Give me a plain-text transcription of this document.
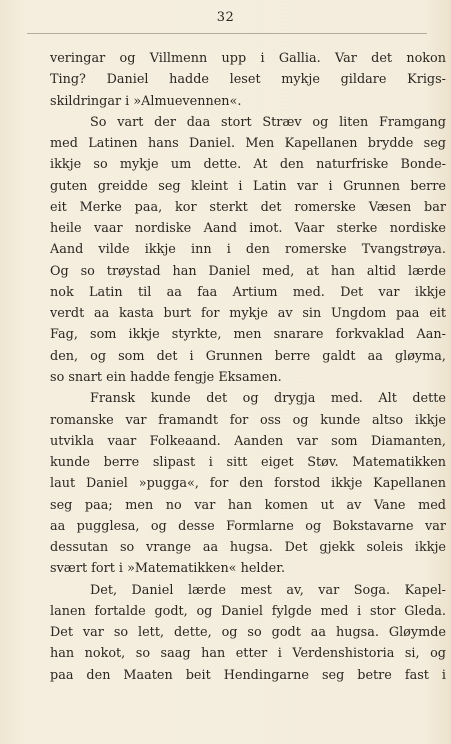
32
veringar og Villmenn upp i Gallia. Var det nokon
Ting? Daniel hadde leset mykje gildare Krigs-
skildringar i »Almuevennen«.
So vart der daa stort Stræv og liten Framgang
med Latinen hans Daniel. Men Kapellanen brydde seg
ikkje so mykje um dette. At den naturfriske Bonde-
guten greidde seg kleint i Latin var i Grunnen berre
eit Merke paa, kor sterkt det romerske Væsen bar
heile vaar nordiske Aand imot. Vaar sterke nordiske
Aand vilde ikkje inn i den romerske Tvangstrøya.
Og so trøystad han Daniel med, at han altid lærde
nok Latin til aa faa Artium med. Det var ikkje
verdt aa kasta burt for mykje av sin Ungdom paa eit
Fag, som ikkje styrkte, men snarare forkvaklad Aan-
den, og som det i Grunnen berre galdt aa gløyma,
so snart ein hadde fengje Eksamen.
Fransk kunde det og drygja med. Alt dette
romanske var framandt for oss og kunde altso ikkje
utvikla vaar Folkeaand. Aanden var som Diamanten,
kunde berre slipast i sitt eiget Støv. Matematikken
laut Daniel »pugga«, for den forstod ikkje Kapellanen
seg paa; men no var han komen ut av Vane med
aa pugglesa, og desse Formlarne og Bokstavarne var
dessutan so vrange aa hugsa. Det gjekk soleis ikkje
svært fort i »Matematikken« helder.
Det, Daniel lærde mest av, var Soga. Kapel-
lanen fortalde godt, og Daniel fylgde med i stor Gleda.
Det var so lett, dette, og so godt aa hugsa. Gløymde
han nokot, so saag han etter i Verdenshistoria si, og
paa den Maaten beit Hendingarne seg betre fast i
